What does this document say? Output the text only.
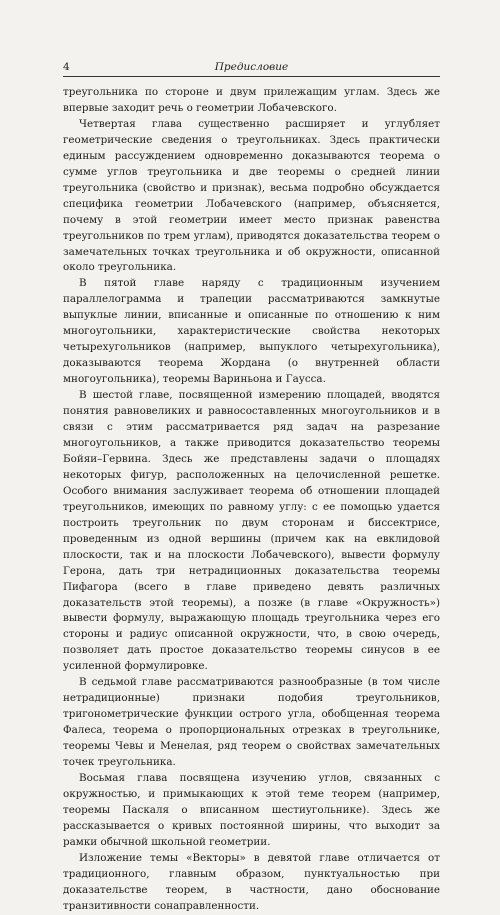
4	Предисловие

треугольника по стороне и двум прилежащим углам. Здесь же впервые заходит речь о геометрии Лобачевского.

Четвертая глава существенно расширяет и углубляет геометрические сведения о треугольниках. Здесь практически единым рассуждением одновременно доказываются теорема о сумме углов треугольника и две теоремы о средней линии треугольника (свойство и признак), весьма подробно обсуждается специфика геометрии Лобачевского (например, объясняется, почему в этой геометрии имеет место признак равенства треугольников по трем углам), приводятся доказательства теорем о замечательных точках треугольника и об окружности, описанной около треугольника.

В пятой главе наряду с традиционным изучением параллелограмма и трапеции рассматриваются замкнутые выпуклые линии, вписанные и описанные по отношению к ним многоугольники, характеристические свойства некоторых четырехугольников (например, выпуклого четырехугольника), доказываются теорема Жордана (о внутренней области многоугольника), теоремы Вариньона и Гаусса.

В шестой главе, посвященной измерению площадей, вводятся понятия равновеликих и равносоставленных многоугольников и в связи с этим рассматривается ряд задач на разрезание многоугольников, а также приводится доказательство теоремы Бойяи–Гервина. Здесь же представлены задачи о площадях некоторых фигур, расположенных на целочисленной решетке. Особого внимания заслуживает теорема об отношении площадей треугольников, имеющих по равному углу: с ее помощью удается построить треугольник по двум сторонам и биссектрисе, проведенным из одной вершины (причем как на евклидовой плоскости, так и на плоскости Лобачевского), вывести формулу Герона, дать три нетрадиционных доказательства теоремы Пифагора (всего в главе приведено девять различных доказательств этой теоремы), а позже (в главе «Окружность») вывести формулу, выражающую площадь треугольника через его стороны и радиус описанной окружности, что, в свою очередь, позволяет дать простое доказательство теоремы синусов в ее усиленной формулировке.

В седьмой главе рассматриваются разнообразные (в том числе нетрадиционные) признаки подобия треугольников, тригонометрические функции острого угла, обобщенная теорема Фалеса, теорема о пропорциональных отрезках в треугольнике, теоремы Чевы и Менелая, ряд теорем о свойствах замечательных точек треугольника.

Восьмая глава посвящена изучению углов, связанных с окружностью, и примыкающих к этой теме теорем (например, теоремы Паскаля о вписанном шестиугольнике). Здесь же рассказывается о кривых постоянной ширины, что выходит за рамки обычной школьной геометрии.

Изложение темы «Векторы» в девятой главе отличается от традиционного, главным образом, пунктуальностью при доказательстве теорем, в частности, дано обоснование транзитивности сонаправленности.
